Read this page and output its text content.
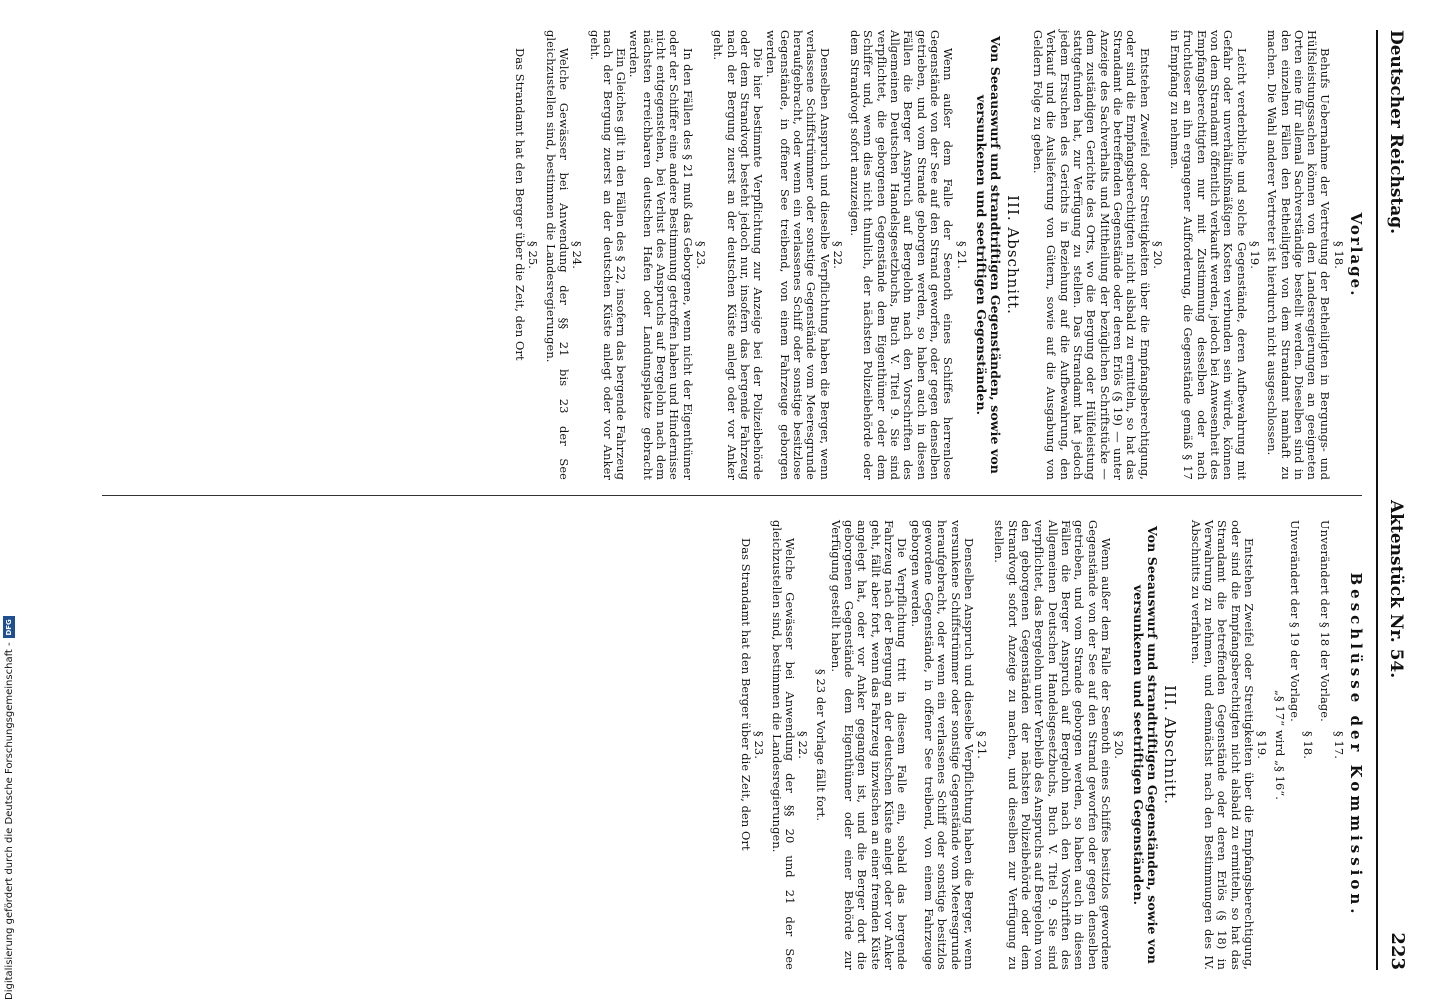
Deutscher Reichstag.
Aktenstück Nr. 54.
223
Vorlage.

§ 18.

Behufs Uebernahme der Vertretung der Betheiligten in Bergungs- und Hülfsleistungssachen können von den Landesregierungen an geeigneten Orten eine für allemal Sachverständige bestellt werden. Dieselben sind in den einzelnen Fällen den Betheiligten von dem Strandamt namhaft zu machen. Die Wahl anderer Vertreter ist hierdurch nicht ausgeschlossen.

§ 19.

Leicht verderbliche und solche Gegenstände, deren Aufbewahrung mit Gefahr oder unverhältnißmäßigen Kosten verbunden sein würde, können von dem Strandamt öffentlich verkauft werden, jedoch bei Anwesenheit des Empfangsberechtigten nur mit Zustimmung desselben oder nach fruchtloser an ihn ergangener Aufforderung, die Gegenstände gemäß § 17 in Empfang zu nehmen.

§ 20.

Entstehen Zweifel oder Streitigkeiten über die Empfangsberechtigung, oder sind die Empfangsberechtigten nicht alsbald zu ermitteln, so hat das Strandamt die betreffenden Gegenstände oder deren Erlös (§ 19) — unter Anzeige des Sachverhalts und Mittheilung der bezüglichen Schriftstücke — dem zuständigen Gerichte des Orts, wo die Bergung oder Hülfeleistung stattgefunden hat, zur Verfügung zu stellen. Das Strandamt hat jedoch jedem Ersuchen des Gerichts in Beziehung auf die Aufbewahrung, den Verkauf und die Auslieferung von Gütern, sowie auf die Ausgabung von Geldern Folge zu geben.

III. Abschnitt.

Von Seeauswurf und strandtriftigen Gegenständen, sowie von versunkenen und seetriftigen Gegenständen.

§ 21.

Wenn außer dem Falle der Seenoth eines Schiffes herrenlose Gegenstände von der See auf den Strand geworfen, oder gegen denselben getrieben, und vom Strande geborgen werden, so haben auch in diesen Fällen die Berger Anspruch auf Bergelohn nach den Vorschriften des Allgemeinen Deutschen Handelsgesetzbuchs, Buch V. Titel 9. Sie sind verpflichtet, die geborgenen Gegenstände dem Eigenthümer oder dem Schiffer und, wenn dies nicht thunlich, der nächsten Polizeibehörde oder dem Strandvogt sofort anzuzeigen.

§ 22.

Denselben Anspruch und dieselbe Verpflichtung haben die Berger, wenn verlassene Schiffstrümmer oder sonstige Gegenstände vom Meeresgrunde heraufgebracht, oder wenn ein verlassenes Schiff oder sonstige besitzlose Gegenstände, in offener See treibend, von einem Fahrzeuge geborgen werden.

Die hier bestimmte Verpflichtung zur Anzeige bei der Polizeibehörde oder dem Strandvogt besteht jedoch nur, insofern das bergende Fahrzeug nach der Bergung zuerst an der deutschen Küste anlegt oder vor Anker geht.

§ 23.

In den Fällen des § 21 muß das Geborgene, wenn nicht der Eigenthümer oder der Schiffer eine andere Bestimmung getroffen haben und Hindernisse nicht entgegenstehen, bei Verlust des Anspruchs auf Bergelohn nach dem nächsten erreichbaren deutschen Hafen oder Landungsplatze gebracht werden.

Ein Gleiches gilt in den Fällen des § 22, insofern das bergende Fahrzeug nach der Bergung zuerst an der deutschen Küste anlegt oder vor Anker geht.

§ 24.

Welche Gewässer bei Anwendung der §§ 21 bis 23 der See gleichzustellen sind, bestimmen die Landesregierungen.

§ 25.

Das Strandamt hat den Berger über die Zeit, den Ort

Beschlüsse der Kommission.

§ 17.

Unverändert der § 18 der Vorlage.

§ 18.

Unverändert der § 19 der Vorlage.

„§ 17“ wird „§ 16“.

§ 19.

Entstehen Zweifel oder Streitigkeiten über die Empfangsberechtigung, oder sind die Empfangsberechtigten nicht alsbald zu ermitteln, so hat das Strandamt die betreffenden Gegenstände oder deren Erlös (§ 18) in Verwahrung zu nehmen, und demnächst nach den Bestimmungen des IV. Abschnitts zu verfahren.

III. Abschnitt.

Von Seeauswurf und strandtriftigen Gegenständen, sowie von versunkenen und seetriftigen Gegenständen.

§ 20.

Wenn außer dem Falle der Seenoth eines Schiffes besitzlos gewordene Gegenstände von der See auf den Strand geworfen oder gegen denselben getrieben, und vom Strande geborgen werden, so haben auch in diesen Fällen die Berger Anspruch auf Bergelohn nach den Vorschriften des Allgemeinen Deutschen Handelsgesetzbuchs, Buch V. Titel 9. Sie sind verpflichtet, das Bergelohn unter Verbleib des Anspruchs auf Bergelohn von den geborgenen Gegenständen der nächsten Polizeibehörde oder dem Strandvogt sofort Anzeige zu machen, und dieselben zur Verfügung zu stellen.

§ 21.

Denselben Anspruch und dieselbe Verpflichtung haben die Berger, wenn versunkene Schiffstrümmer oder sonstige Gegenstände vom Meeresgrunde heraufgebracht, oder wenn ein verlassenes Schiff oder sonstige besitzlos gewordene Gegenstände, in offener See treibend, von einem Fahrzeuge geborgen werden.

Die Verpflichtung tritt in diesem Falle ein, sobald das bergende Fahrzeug nach der Bergung an der deutschen Küste anlegt oder vor Anker geht, fällt aber fort, wenn das Fahrzeug inzwischen an einer fremden Küste angelegt hat, oder vor Anker gegangen ist, und die Berger dort die geborgenen Gegenstände dem Eigenthümer oder einer Behörde zur Verfügung gestellt haben.

§ 23 der Vorlage fällt fort.

§ 22.

Welche Gewässer bei Anwendung der §§ 20 und 21 der See gleichzustellen sind, bestimmen die Landesregierungen.

§ 23.

Das Strandamt hat den Berger über die Zeit, den Ort

Digitalisierung gefördert durch die Deutsche Forschungsgemeinschaft -
DFG
